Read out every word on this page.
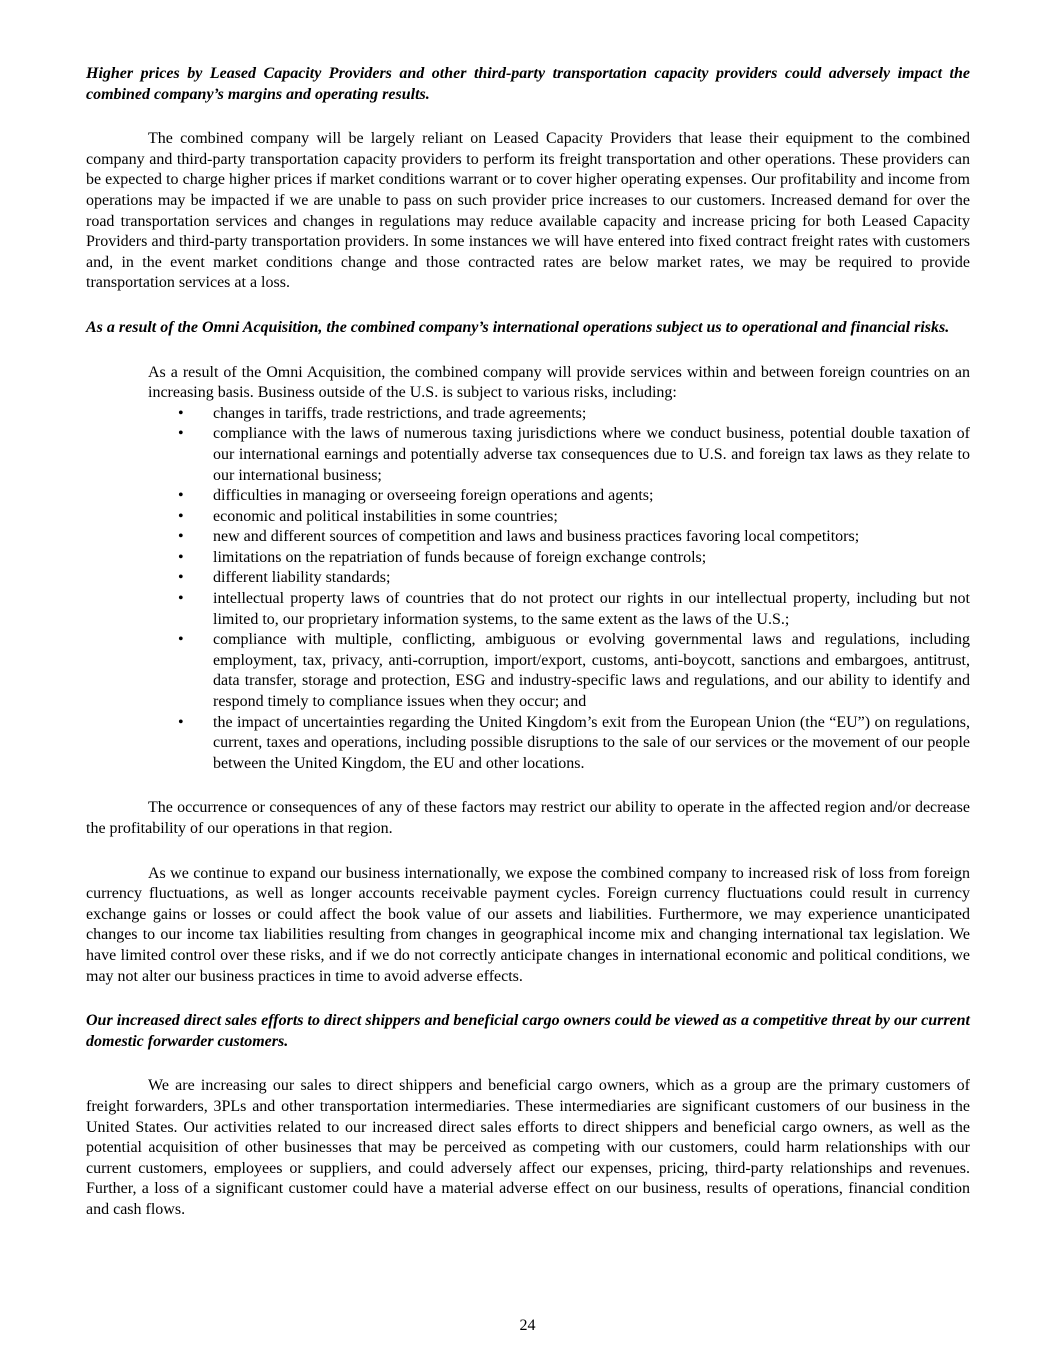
Higher prices by Leased Capacity Providers and other third-party transportation capacity providers could adversely impact the combined company’s margins and operating results.
The combined company will be largely reliant on Leased Capacity Providers that lease their equipment to the combined company and third-party transportation capacity providers to perform its freight transportation and other operations. These providers can be expected to charge higher prices if market conditions warrant or to cover higher operating expenses. Our profitability and income from operations may be impacted if we are unable to pass on such provider price increases to our customers. Increased demand for over the road transportation services and changes in regulations may reduce available capacity and increase pricing for both Leased Capacity Providers and third-party transportation providers. In some instances we will have entered into fixed contract freight rates with customers and, in the event market conditions change and those contracted rates are below market rates, we may be required to provide transportation services at a loss.
As a result of the Omni Acquisition, the combined company’s international operations subject us to operational and financial risks.
As a result of the Omni Acquisition, the combined company will provide services within and between foreign countries on an increasing basis. Business outside of the U.S. is subject to various risks, including:
• changes in tariffs, trade restrictions, and trade agreements;
• compliance with the laws of numerous taxing jurisdictions where we conduct business, potential double taxation of our international earnings and potentially adverse tax consequences due to U.S. and foreign tax laws as they relate to our international business;
• difficulties in managing or overseeing foreign operations and agents;
• economic and political instabilities in some countries;
• new and different sources of competition and laws and business practices favoring local competitors;
• limitations on the repatriation of funds because of foreign exchange controls;
• different liability standards;
• intellectual property laws of countries that do not protect our rights in our intellectual property, including but not limited to, our proprietary information systems, to the same extent as the laws of the U.S.;
• compliance with multiple, conflicting, ambiguous or evolving governmental laws and regulations, including employment, tax, privacy, anti-corruption, import/export, customs, anti-boycott, sanctions and embargoes, antitrust, data transfer, storage and protection, ESG and industry-specific laws and regulations, and our ability to identify and respond timely to compliance issues when they occur; and
• the impact of uncertainties regarding the United Kingdom’s exit from the European Union (the “EU”) on regulations, current, taxes and operations, including possible disruptions to the sale of our services or the movement of our people between the United Kingdom, the EU and other locations.
The occurrence or consequences of any of these factors may restrict our ability to operate in the affected region and/or decrease the profitability of our operations in that region.
As we continue to expand our business internationally, we expose the combined company to increased risk of loss from foreign currency fluctuations, as well as longer accounts receivable payment cycles. Foreign currency fluctuations could result in currency exchange gains or losses or could affect the book value of our assets and liabilities. Furthermore, we may experience unanticipated changes to our income tax liabilities resulting from changes in geographical income mix and changing international tax legislation. We have limited control over these risks, and if we do not correctly anticipate changes in international economic and political conditions, we may not alter our business practices in time to avoid adverse effects.
Our increased direct sales efforts to direct shippers and beneficial cargo owners could be viewed as a competitive threat by our current domestic forwarder customers.
We are increasing our sales to direct shippers and beneficial cargo owners, which as a group are the primary customers of freight forwarders, 3PLs and other transportation intermediaries. These intermediaries are significant customers of our business in the United States. Our activities related to our increased direct sales efforts to direct shippers and beneficial cargo owners, as well as the potential acquisition of other businesses that may be perceived as competing with our customers, could harm relationships with our current customers, employees or suppliers, and could adversely affect our expenses, pricing, third-party relationships and revenues. Further, a loss of a significant customer could have a material adverse effect on our business, results of operations, financial condition and cash flows.
24
